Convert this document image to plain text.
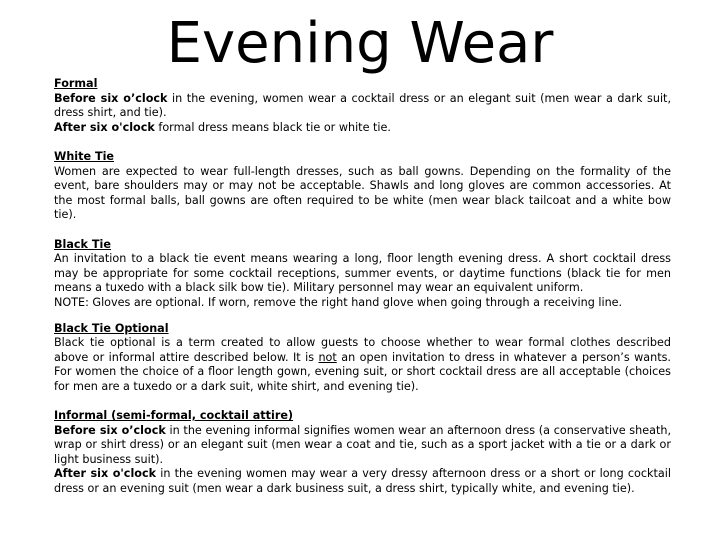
Evening Wear

Formal

Before six o’clock in the evening, women wear a cocktail dress or an elegant suit (men wear a dark suit, dress shirt, and tie).

After six o'clock formal dress means black tie or white tie.

White Tie

Women are expected to wear full-length dresses, such as ball gowns. Depending on the formality of the event, bare shoulders may or may not be acceptable. Shawls and long gloves are common accessories. At the most formal balls, ball gowns are often required to be white (men wear black tailcoat and a white bow tie).

Black Tie

An invitation to a black tie event means wearing a long, floor length evening dress. A short cocktail dress may be appropriate for some cocktail receptions, summer events, or daytime functions (black tie for men means a tuxedo with a black silk bow tie). Military personnel may wear an equivalent uniform.

NOTE: Gloves are optional. If worn, remove the right hand glove when going through a receiving line.

Black Tie Optional

Black tie optional is a term created to allow guests to choose whether to wear formal clothes described above or informal attire described below. It is not an open invitation to dress in whatever a person’s wants. For women the choice of a floor length gown, evening suit, or short cocktail dress are all acceptable (choices for men are a tuxedo or a dark suit, white shirt, and evening tie).

Informal (semi-formal, cocktail attire)

Before six o’clock in the evening informal signifies women wear an afternoon dress (a conservative sheath, wrap or shirt dress) or an elegant suit (men wear a coat and tie, such as a sport jacket with a tie or a dark or light business suit).

After six o'clock in the evening women may wear a very dressy afternoon dress or a short or long cocktail dress or an evening suit (men wear a dark business suit, a dress shirt, typically white, and evening tie).
